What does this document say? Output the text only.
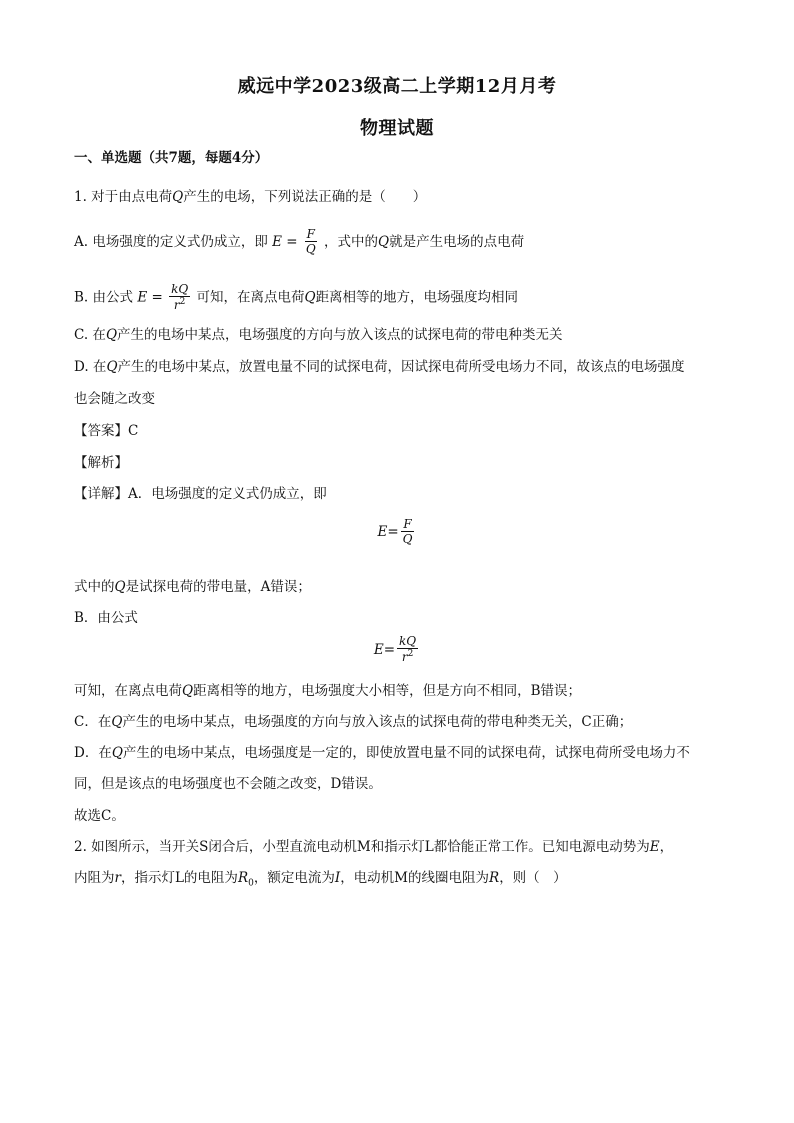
威远中学2023级高二上学期12月月考
物理试题
一、单选题（共7题，每题4分）
1. 对于由点电荷Q产生的电场，下列说法正确的是（　　）
A. 电场强度的定义式仍成立，即 $E = \frac{F}{Q}$ ，式中的Q就是产生电场的点电荷
B. 由公式 $E = \frac{kQ}{r^2}$ 可知，在离点电荷Q距离相等的地方，电场强度均相同
C. 在Q产生的电场中某点，电场强度的方向与放入该点的试探电荷的带电种类无关
D. 在Q产生的电场中某点，放置电量不同的试探电荷，因试探电荷所受电场力不同，故该点的电场强度
也会随之改变
【答案】C
【解析】
【详解】A．电场强度的定义式仍成立，即
$E = \frac{F}{Q}$
式中的Q是试探电荷的带电量，A错误；
B．由公式
$E = \frac{kQ}{r^2}$
可知，在离点电荷Q距离相等的地方，电场强度大小相等，但是方向不相同，B错误；
C．在Q产生的电场中某点，电场强度的方向与放入该点的试探电荷的带电种类无关，C正确；
D．在Q产生的电场中某点，电场强度是一定的，即使放置电量不同的试探电荷，试探电荷所受电场力不
同，但是该点的电场强度也不会随之改变，D错误。
故选C。
2. 如图所示，当开关S闭合后，小型直流电动机M和指示灯L都恰能正常工作。已知电源电动势为E，
内阻为r，指示灯L的电阻为$R_0$，额定电流为I，电动机M的线圈电阻为R，则（　）
